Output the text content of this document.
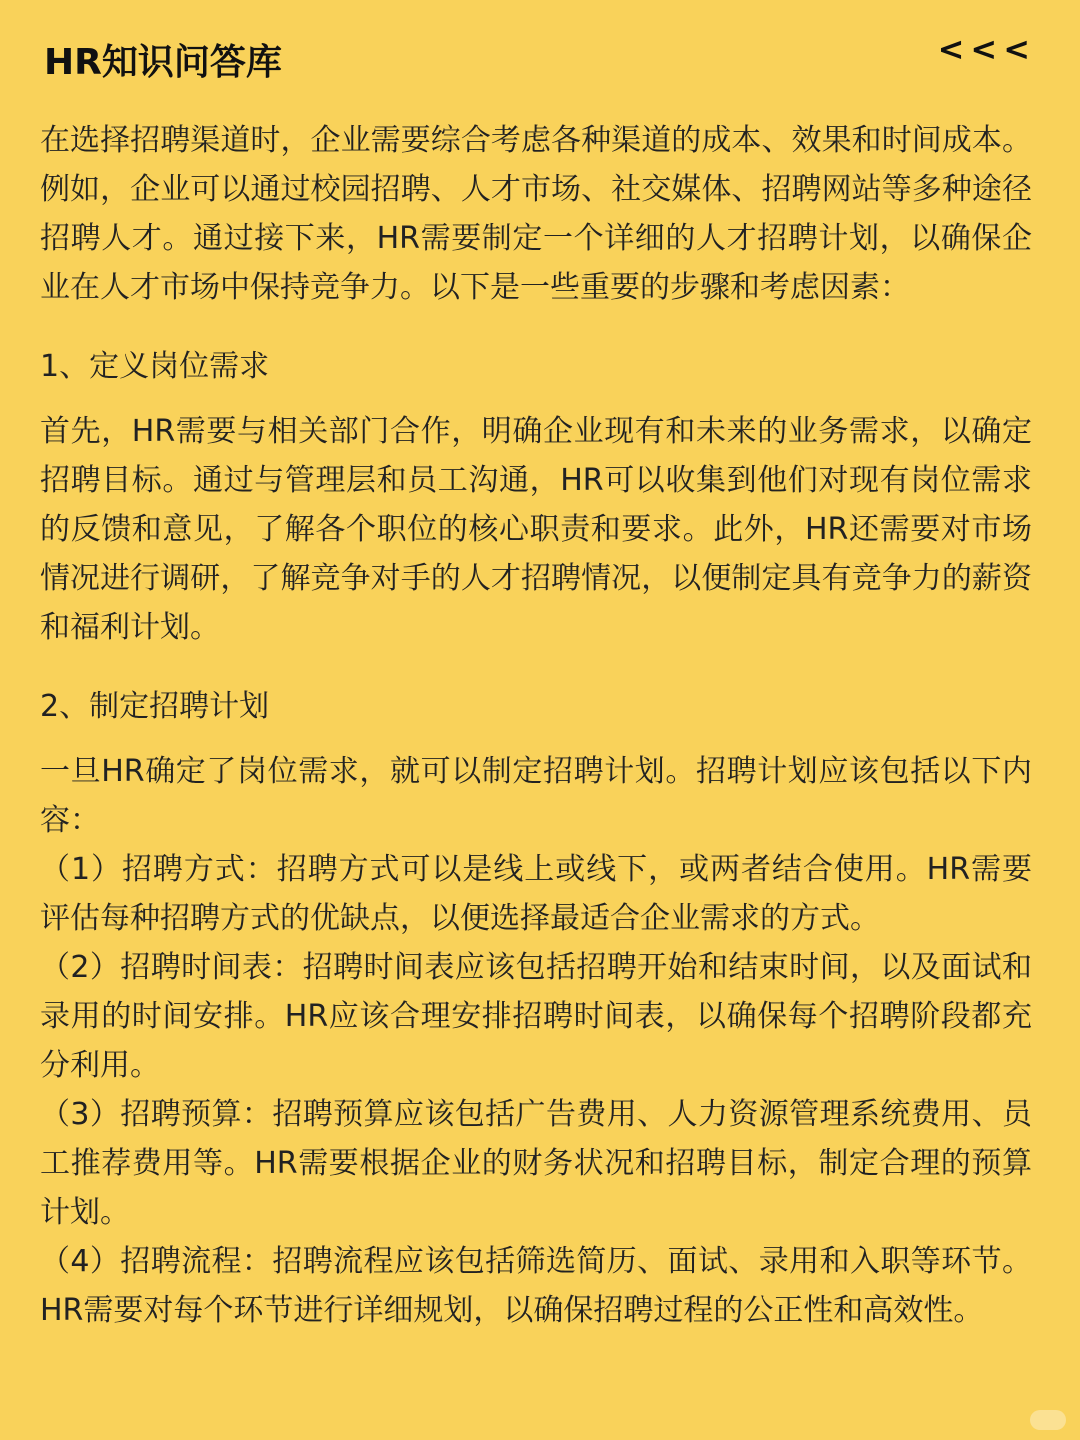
HR知识问答库	<<<

在选择招聘渠道时，企业需要综合考虑各种渠道的成本、效果和时间成本。例如，企业可以通过校园招聘、人才市场、社交媒体、招聘网站等多种途径招聘人才。通过接下来，HR需要制定一个详细的人才招聘计划，以确保企业在人才市场中保持竞争力。以下是一些重要的步骤和考虑因素：

1、定义岗位需求

首先，HR需要与相关部门合作，明确企业现有和未来的业务需求，以确定招聘目标。通过与管理层和员工沟通，HR可以收集到他们对现有岗位需求的反馈和意见，了解各个职位的核心职责和要求。此外，HR还需要对市场情况进行调研，了解竞争对手的人才招聘情况，以便制定具有竞争力的薪资和福利计划。

2、制定招聘计划

一旦HR确定了岗位需求，就可以制定招聘计划。招聘计划应该包括以下内容：

（1）招聘方式：招聘方式可以是线上或线下，或两者结合使用。HR需要评估每种招聘方式的优缺点，以便选择最适合企业需求的方式。

（2）招聘时间表：招聘时间表应该包括招聘开始和结束时间，以及面试和录用的时间安排。HR应该合理安排招聘时间表，以确保每个招聘阶段都充分利用。

（3）招聘预算：招聘预算应该包括广告费用、人力资源管理系统费用、员工推荐费用等。HR需要根据企业的财务状况和招聘目标，制定合理的预算计划。

（4）招聘流程：招聘流程应该包括筛选简历、面试、录用和入职等环节。HR需要对每个环节进行详细规划，以确保招聘过程的公正性和高效性。
